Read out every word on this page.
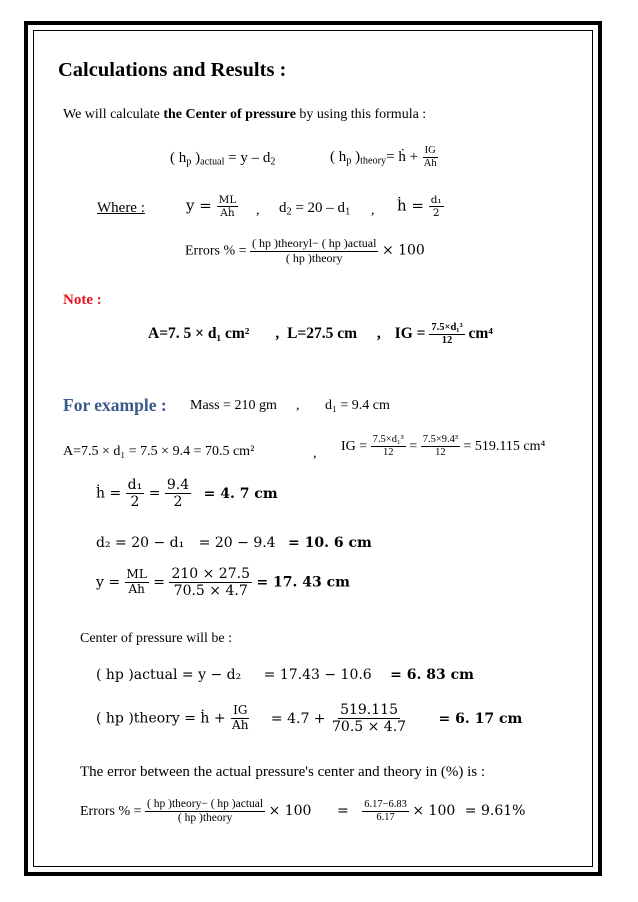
Calculations and Results :
We will calculate the Center of pressure by using this formula :
( $h_p$ )$_{actual} = y - d_2$	( $h_p$ )$_{theory}=$ ḣ + $\frac{IG}{\text{Aḣ}}$
Where :	$y = \frac{ML}{\text{Aḣ}}$ , $d_2 = 20 - d_1$ , ḣ = $\frac{\text{d₁}}{2}$
Errors % = $\frac{\text{( hp )theoryl− ( hp )actual}}{\text{( hp )theory}} \times 100$
Note :
A=7. 5 × d₁ cm² , L=27.5 cm , IG = $\frac{\text{7.5×d₁³}}{12} cm^4$
For example : Mass = 210 gm , d₁ = 9.4 cm
A=7.5 × d₁ = 7.5 × 9.4 = 70.5 cm²	, IG = $\frac{\text{7.5×d₁³}}{12} = \frac{\text{7.5×9.4³}}{12} = 519.115$ cm⁴
ḣ = $\frac{\text{d₁}}{2} = \frac{9.4}{2} = 4$. 7 cm
d₂ = 20 − d₁ = 20 − 9.4 = 10. 6 cm
$y = \frac{ML}{\text{Aḣ}} = \frac{210 \times 27.5}{70.5 \times 4.7} = 17$. 43 cm
Center of pressure will be :
( hp )actual = y − d₂ = 17.43 − 10.6 = 6. 83 cm
( hp )theory = ḣ + $\frac{IG}{\text{Aḣ}} = 4.7 + \frac{519.115}{70.5 \times 4.7} = 6$. 17 cm
The error between the actual pressure's center and theory in (%) is :
Errors % = $\frac{\text{( hp )theory− ( hp )actual}}{\text{( hp )theory}} \times 100 = \frac{6.17-6.83}{6.17} \times 100 = 9.61\%$
